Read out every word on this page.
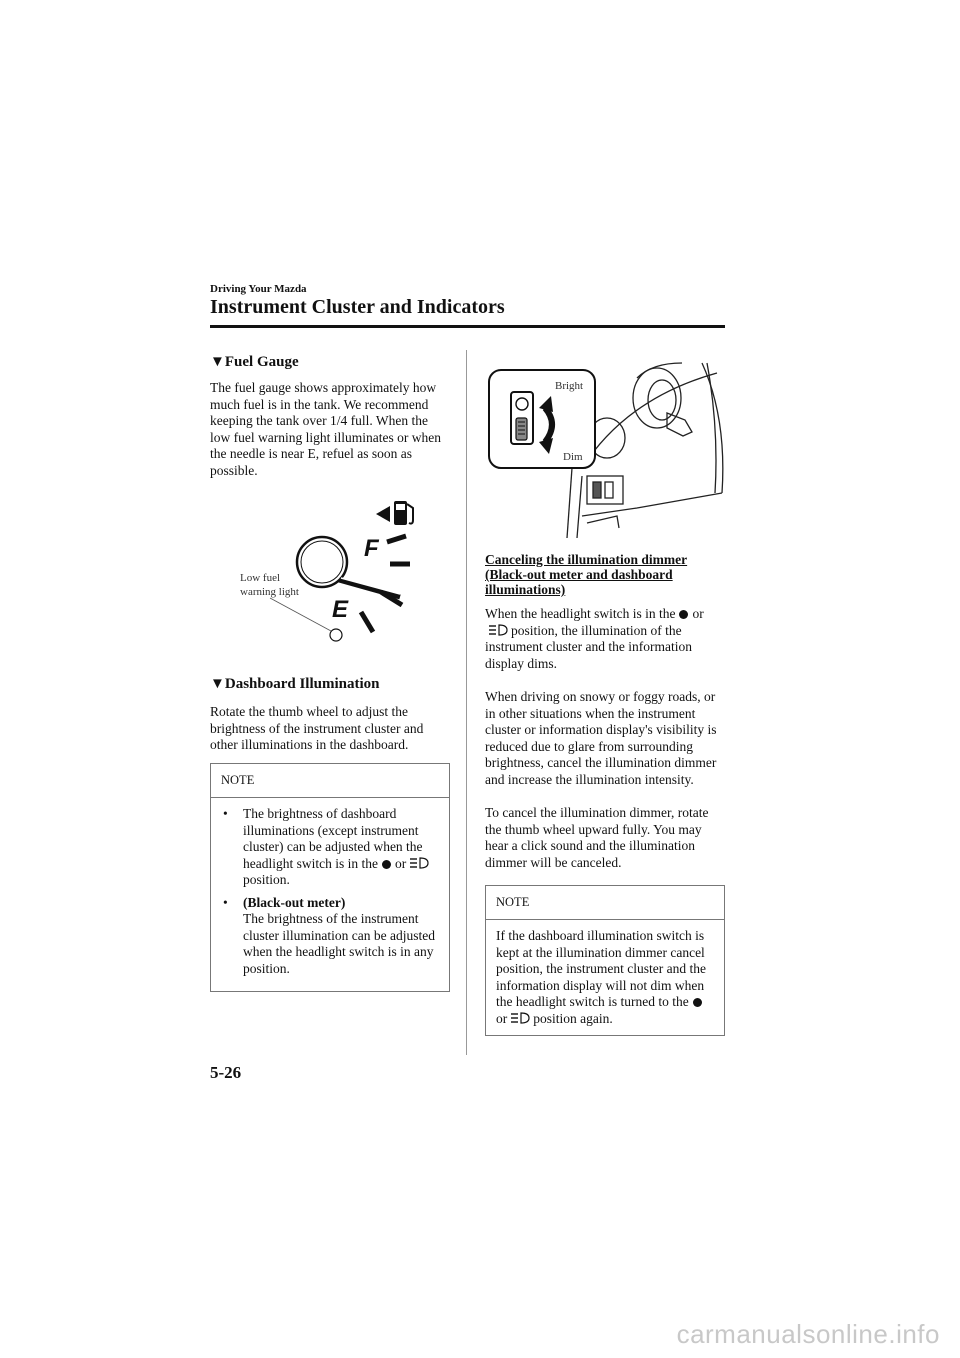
Driving Your Mazda
Instrument Cluster and Indicators
▼Fuel Gauge
The fuel gauge shows approximately how much fuel is in the tank. We recommend keeping the tank over 1/4 full. When the low fuel warning light illuminates or when the needle is near E, refuel as soon as possible.
F
E
Low fuel
warning light
▼Dashboard Illumination
Rotate the thumb wheel to adjust the brightness of the instrument cluster and other illuminations in the dashboard.
NOTE
• The brightness of dashboard illuminations (except instrument cluster) can be adjusted when the headlight switch is in the orposition.
• (Black-out meter)
The brightness of the instrument cluster illumination can be adjusted when the headlight switch is in any position.
Bright
Dim
Canceling the illumination dimmer
(Black-out meter and dashboard
illuminations)
When the headlight switch is in the orposition, the illumination of the instrument cluster and the information display dims.
When driving on snowy or foggy roads, or in other situations when the instrument cluster or information display's visibility is reduced due to glare from surrounding brightness, cancel the illumination dimmer and increase the illumination intensity.
To cancel the illumination dimmer, rotate the thumb wheel upward fully. You may hear a click sound and the illumination dimmer will be canceled.
NOTE
If the dashboard illumination switch is kept at the illumination dimmer cancel position, the instrument cluster and the information display will not dim when the headlight switch is turned to the
or position again.
5-26
carmanualsonline.info
